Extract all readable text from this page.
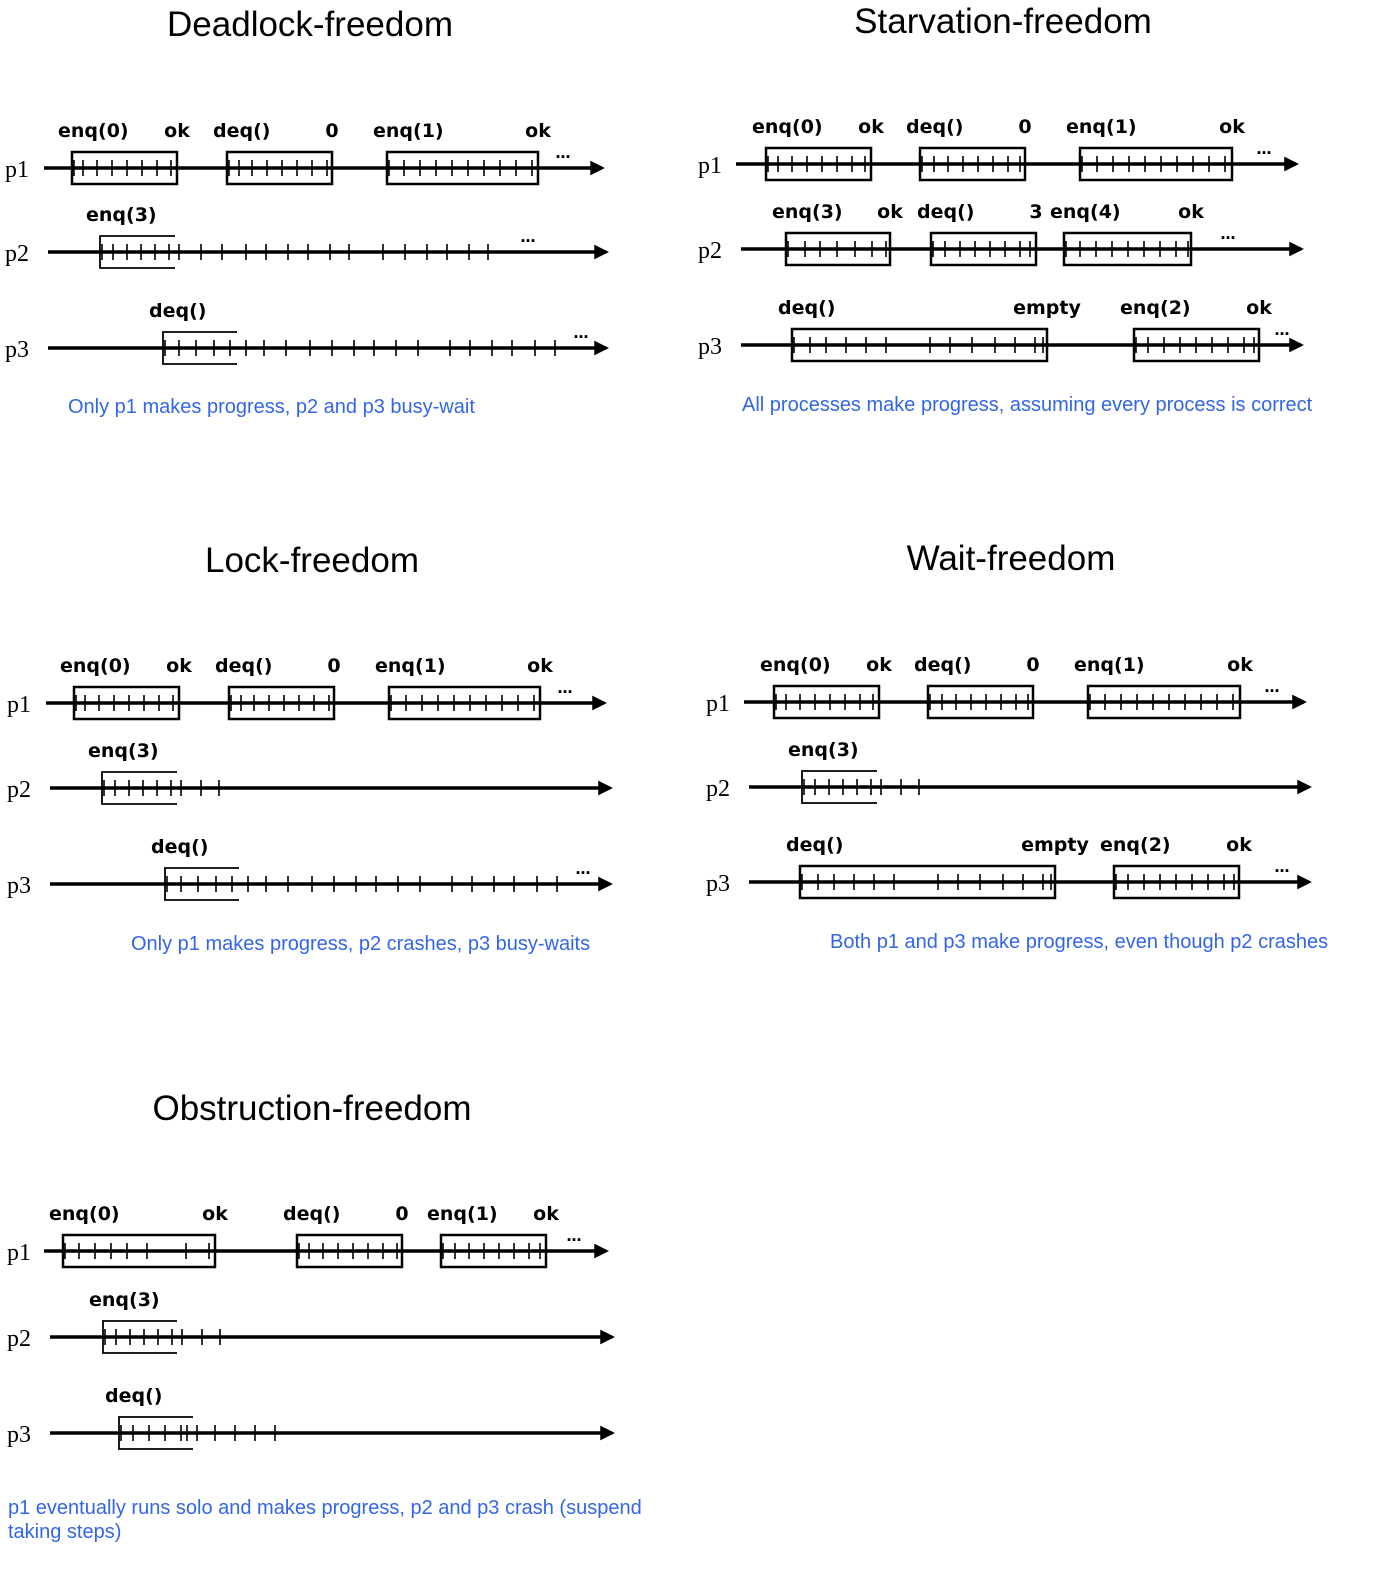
Deadlock-freedom
p1
enq(0) ok deq()	0 enq(1)	ok
…
p2
enq(3)
…
p3
deq()
…
Only p1 makes progress, p2 and p3 busy-wait
Starvation-freedom
p1
enq(0) ok deq()	0 enq(1)	ok
…
p2
enq(3) ok deq()	3 enq(4)	ok
…
p3
deq()	empty enq(2)	ok
…
All processes make progress, assuming every process is correct
Lock-freedom
p1
enq(0) ok deq()	0 enq(1)	ok
…
p2
enq(3)
p3
deq()
…
Only p1 makes progress, p2 crashes, p3 busy-waits
Wait-freedom
p1
enq(0) ok deq()	0 enq(1)	ok
…
p2
enq(3)
p3
deq()	empty enq(2)	ok
…
Both p1 and p3 make progress, even though p2 crashes
Obstruction-freedom
p1
enq(0)	ok	deq()	0 enq(1) ok
…
p2
enq(3)
p3
deq()
p1 eventually runs solo and makes progress, p2 and p3 crash (suspend
taking steps)
